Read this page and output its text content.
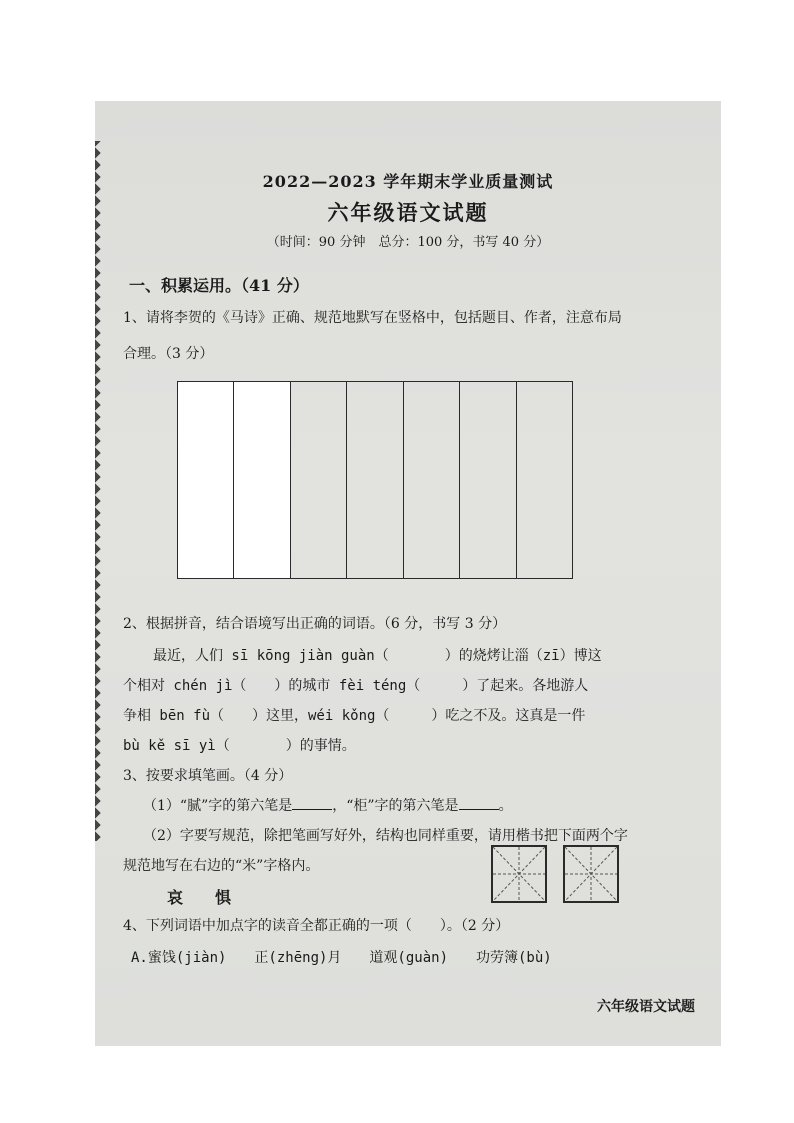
2022—2023 学年期末学业质量测试
六年级语文试题
（时间：90 分钟　总分：100 分，书写 40 分）
一、积累运用。（41 分）
1、请将李贺的《马诗》正确、规范地默写在竖格中，包括题目、作者，注意布局
合理。（3 分）
2、根据拼音，结合语境写出正确的词语。（6 分，书写 3 分）
最近，人们 sī kōng jiàn guàn（　　　　）的烧烤让淄（zī）博这
个相对 chén jì（　　）的城市 fèi téng（　　　）了起来。各地游人
争相 bēn fù（　　）这里，wéi kǒng（　　　）吃之不及。这真是一件
bù kě sī yì（　　　　）的事情。
3、按要求填笔画。（4 分）
（1）“腻”字的第六笔是	，“柜”字的第六笔是	。
（2）字要写规范，除把笔画写好外，结构也同样重要，请用楷书把下面两个字
规范地写在右边的“米”字格内。
哀　　惧
4、下列词语中加点字的读音全都正确的一项（　　）。（2 分）
A.蜜饯(jiàn)　　正(zhēng)月　　道观(guàn)　　功劳簿(bù)
六年级语文试题
